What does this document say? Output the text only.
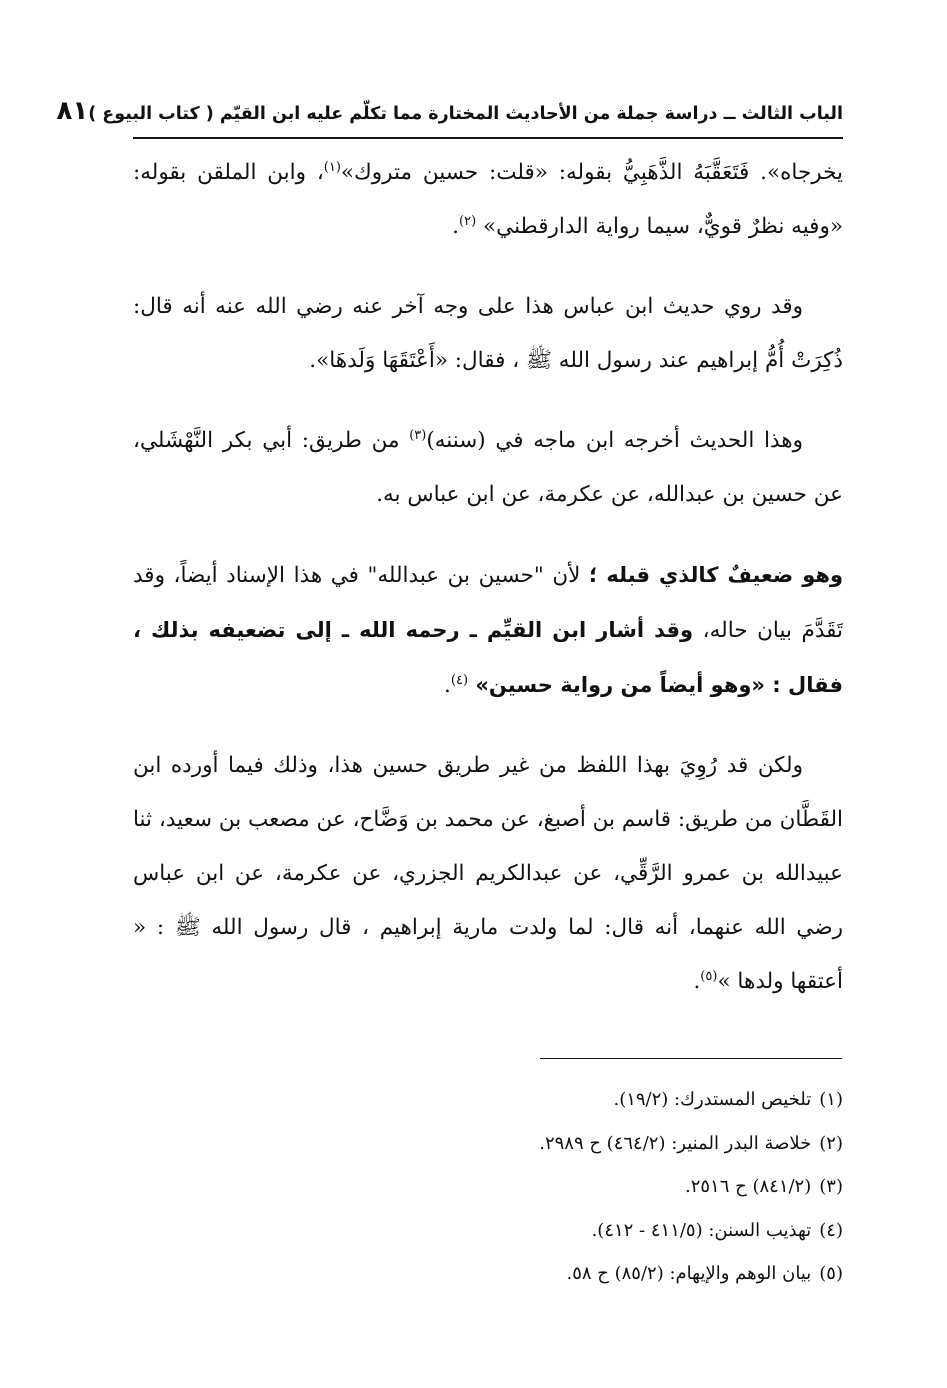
الباب الثالث ــ دراسة جملة من الأحاديث المختارة مما تكلّم عليه ابن القيّم ( كتاب البيوع )
٨١

يخرجاه». فَتَعَقَّبَهُ الذَّهَبِيُّ بقوله: «قلت: حسين متروك»$^{(١)}$، وابن الملقن بقوله: «وفيه نظرٌ قويٌّ، سيما رواية الدارقطني» $^{(٢)}$.

وقد روي حديث ابن عباس هذا على وجه آخر عنه رضي الله عنه أنه قال: ذُكِرَتْ أُمُّ إبراهيم عند رسول الله ﷺ ، فقال: «أَعْتَقَهَا وَلَدهَا».

وهذا الحديث أخرجه ابن ماجه في (سننه)$^{(٣)}$ من طريق: أبي بكر النَّهْشَلي، عن حسين بن عبدالله، عن عكرمة، عن ابن عباس به.

وهو ضعيفٌ كالذي قبله ؛ لأن "حسين بن عبدالله" في هذا الإسناد أيضاً، وقد تَقَدَّمَ بيان حاله، وقد أشار ابن القيِّم ـ رحمه الله ـ إلى تضعيفه بذلك ، فقال : «وهو أيضاً من رواية حسين» $^{(٤)}$.

ولكن قد رُوِيَ بهذا اللفظ من غير طريق حسين هذا، وذلك فيما أورده ابن القَطَّان من طريق: قاسم بن أصبغ، عن محمد بن وَضَّاح، عن مصعب بن سعيد، ثنا عبيدالله بن عمرو الرَّقِّي، عن عبدالكريم الجزري، عن عكرمة، عن ابن عباس رضي الله عنهما، أنه قال: لما ولدت مارية إبراهيم ، قال رسول الله ﷺ : « أعتقها ولدها »$^{(٥)}$.

(١)تلخيص المستدرك: (١٩/٢).

(٢)خلاصة البدر المنير: (٤٦٤/٢) ح ٢٩٨٩.

(٣)(٨٤١/٢) ح ٢٥١٦.

(٤)تهذيب السنن: (٤١١/٥ - ٤١٢).

(٥)بيان الوهم والإيهام: (٨٥/٢) ح ٥٨.
